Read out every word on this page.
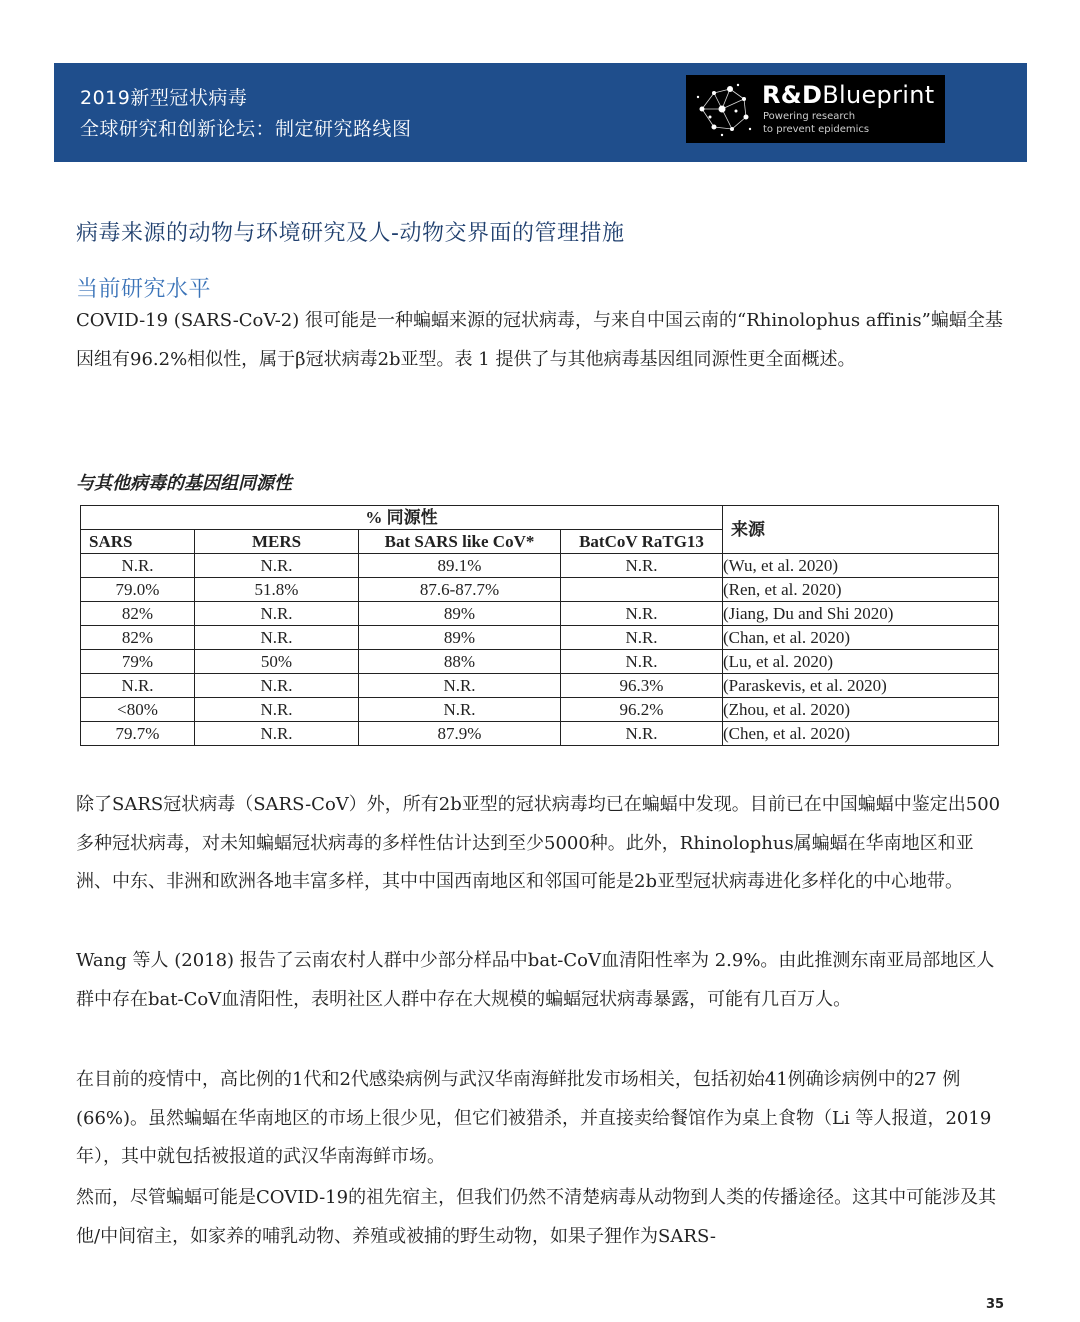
2019新型冠状病毒
全球研究和创新论坛：制定研究路线图
R&DBlueprint
Powering research
to prevent epidemics
病毒来源的动物与环境研究及人-动物交界面的管理措施
当前研究水平

COVID-19 (SARS-CoV-2) 很可能是一种蝙蝠来源的冠状病毒，与来自中国云南的“Rhinolophus affinis”蝙蝠全基因组有96.2%相似性，属于β冠状病毒2b亚型。表 1 提供了与其他病毒基因组同源性更全面概述。

与其他病毒的基因组同源性
% 同源性				来源
SARS	MERS	Bat SARS like CoV*	BatCoV RaTG13	
N.R.	N.R.	89.1%	N.R.	(Wu, et al. 2020)
79.0%	51.8%	87.6-87.7%		(Ren, et al. 2020)
82%	N.R.	89%	N.R.	(Jiang, Du and Shi 2020)
82%	N.R.	89%	N.R.	(Chan, et al. 2020)
79%	50%	88%	N.R.	(Lu, et al. 2020)
N.R.	N.R.	N.R.	96.3%	(Paraskevis, et al. 2020)
<80%	N.R.	N.R.	96.2%	(Zhou, et al. 2020)
79.7%	N.R.	87.9%	N.R.	(Chen, et al. 2020)

除了SARS冠状病毒（SARS-CoV）外，所有2b亚型的冠状病毒均已在蝙蝠中发现。目前已在中国蝙蝠中鉴定出500多种冠状病毒，对未知蝙蝠冠状病毒的多样性估计达到至少5000种。此外，Rhinolophus属蝙蝠在华南地区和亚洲、中东、非洲和欧洲各地丰富多样，其中中国西南地区和邻国可能是2b亚型冠状病毒进化多样化的中心地带。

Wang 等人 (2018) 报告了云南农村人群中少部分样品中bat-CoV血清阳性率为 2.9%。由此推测东南亚局部地区人群中存在bat-CoV血清阳性，表明社区人群中存在大规模的蝙蝠冠状病毒暴露，可能有几百万人。

在目前的疫情中，高比例的1代和2代感染病例与武汉华南海鲜批发市场相关，包括初始41例确诊病例中的27 例 (66%)。虽然蝙蝠在华南地区的市场上很少见，但它们被猎杀，并直接卖给餐馆作为桌上食物（Li 等人报道，2019 年），其中就包括被报道的武汉华南海鲜市场。

然而，尽管蝙蝠可能是COVID-19的祖先宿主，但我们仍然不清楚病毒从动物到人类的传播途径。这其中可能涉及其他/中间宿主，如家养的哺乳动物、养殖或被捕的野生动物，如果子狸作为SARS-

35
